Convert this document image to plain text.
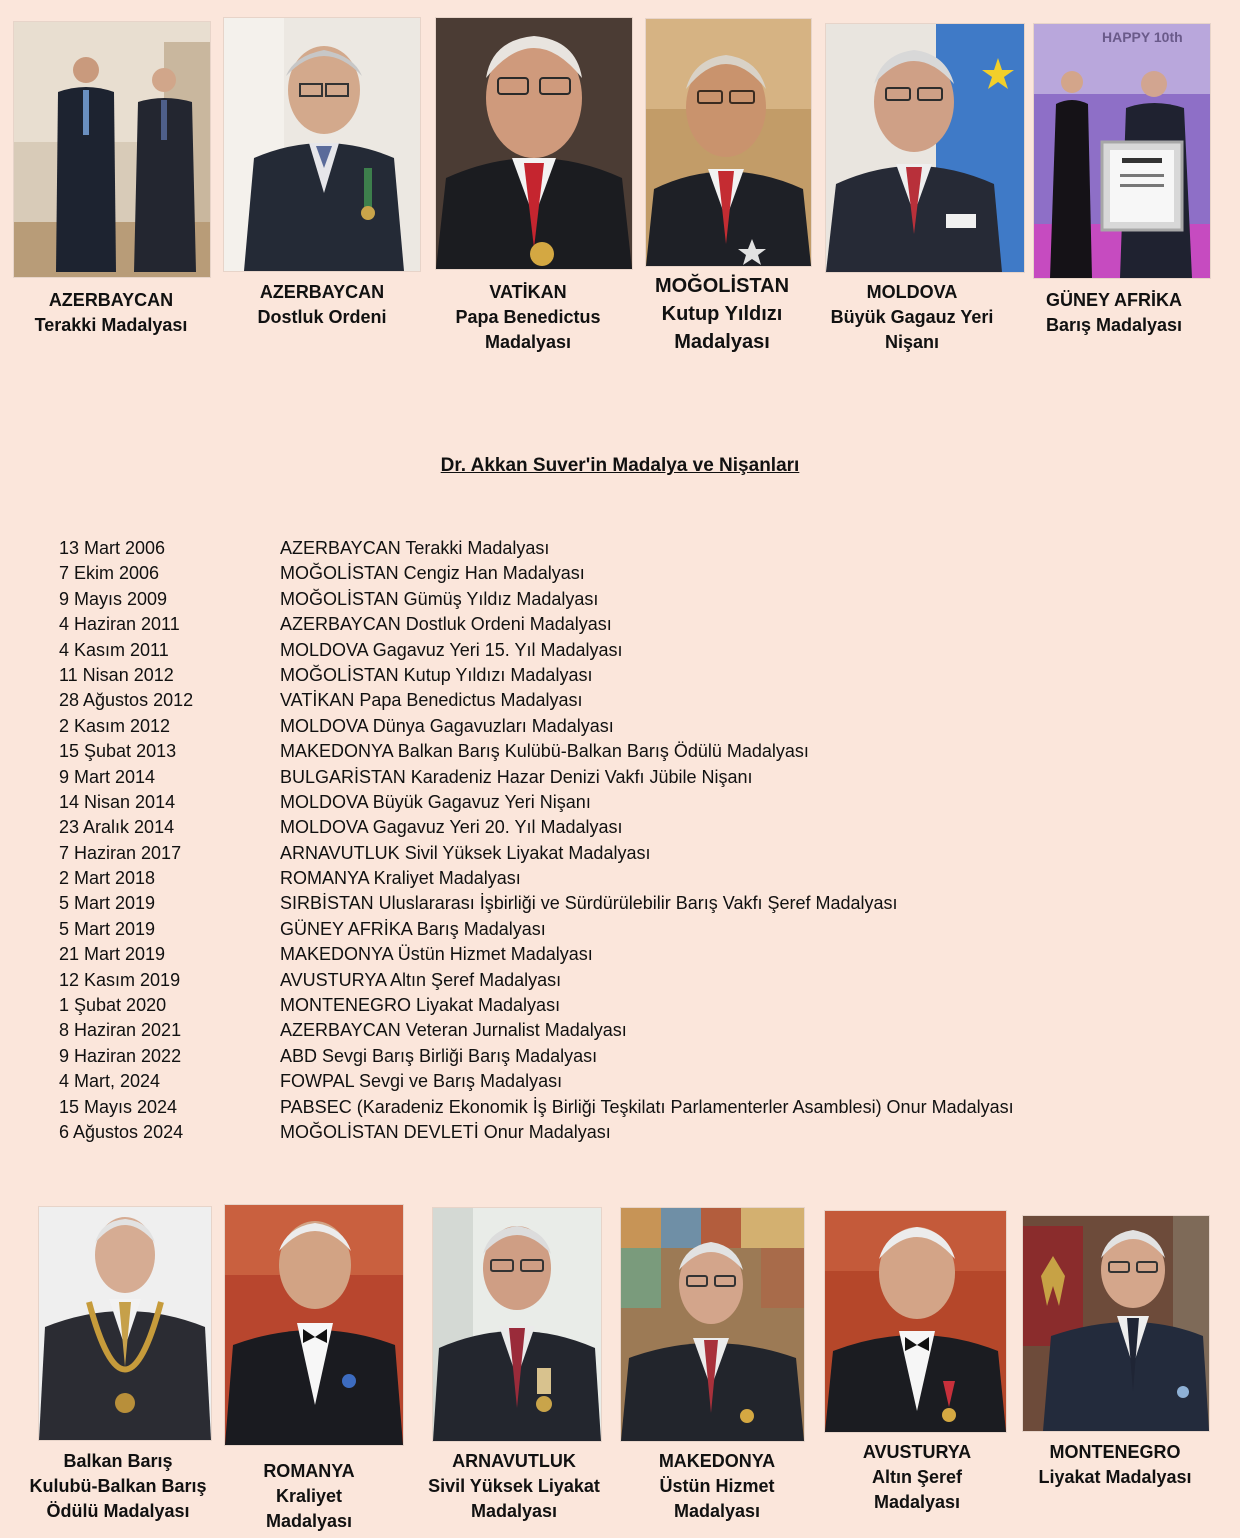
HAPPY 10th
AZERBAYCAN
Terakki Madalyası
AZERBAYCAN
Dostluk Ordeni
VATİKAN
Papa Benedictus
Madalyası
MOĞOLİSTAN
Kutup Yıldızı
Madalyası
MOLDOVA
Büyük Gagauz Yeri
Nişanı
GÜNEY AFRİKA
Barış Madalyası
Dr. Akkan Suver'in Madalya ve Nişanları
13 Mart 2006	AZERBAYCAN Terakki Madalyası
7 Ekim 2006	MOĞOLİSTAN Cengiz Han Madalyası
9 Mayıs 2009	MOĞOLİSTAN Gümüş Yıldız Madalyası
4 Haziran 2011	AZERBAYCAN Dostluk Ordeni Madalyası
4 Kasım 2011	MOLDOVA Gagavuz Yeri 15. Yıl Madalyası
11 Nisan 2012	MOĞOLİSTAN Kutup Yıldızı Madalyası
28 Ağustos 2012	VATİKAN Papa Benedictus Madalyası
2 Kasım 2012	MOLDOVA Dünya Gagavuzları Madalyası
15 Şubat 2013	MAKEDONYA Balkan Barış Kulübü-Balkan Barış Ödülü Madalyası
9 Mart 2014	BULGARİSTAN Karadeniz Hazar Denizi Vakfı Jübile Nişanı
14 Nisan 2014	MOLDOVA Büyük Gagavuz Yeri Nişanı
23 Aralık 2014	MOLDOVA Gagavuz Yeri 20. Yıl Madalyası
7 Haziran 2017	ARNAVUTLUK Sivil Yüksek Liyakat Madalyası
2 Mart 2018	ROMANYA Kraliyet Madalyası
5 Mart 2019	SIRBİSTAN Uluslararası İşbirliği ve Sürdürülebilir Barış Vakfı Şeref Madalyası
5 Mart 2019	GÜNEY AFRİKA Barış Madalyası
21 Mart 2019	MAKEDONYA Üstün Hizmet Madalyası
12 Kasım 2019	AVUSTURYA Altın Şeref Madalyası
1 Şubat 2020	MONTENEGRO Liyakat Madalyası
8 Haziran 2021	AZERBAYCAN Veteran Jurnalist Madalyası
9 Haziran 2022	ABD Sevgi Barış Birliği Barış Madalyası
4 Mart, 2024	FOWPAL Sevgi ve Barış Madalyası
15 Mayıs 2024	PABSEC (Karadeniz Ekonomik İş Birliği Teşkilatı Parlamenterler Asamblesi) Onur Madalyası
6 Ağustos 2024	MOĞOLİSTAN DEVLETİ Onur Madalyası
Balkan Barış
Kulubü-Balkan Barış
Ödülü Madalyası
ROMANYA
Kraliyet
Madalyası
ARNAVUTLUK
Sivil Yüksek Liyakat
Madalyası
MAKEDONYA
Üstün Hizmet
Madalyası
AVUSTURYA
Altın Şeref
Madalyası
MONTENEGRO
Liyakat Madalyası
